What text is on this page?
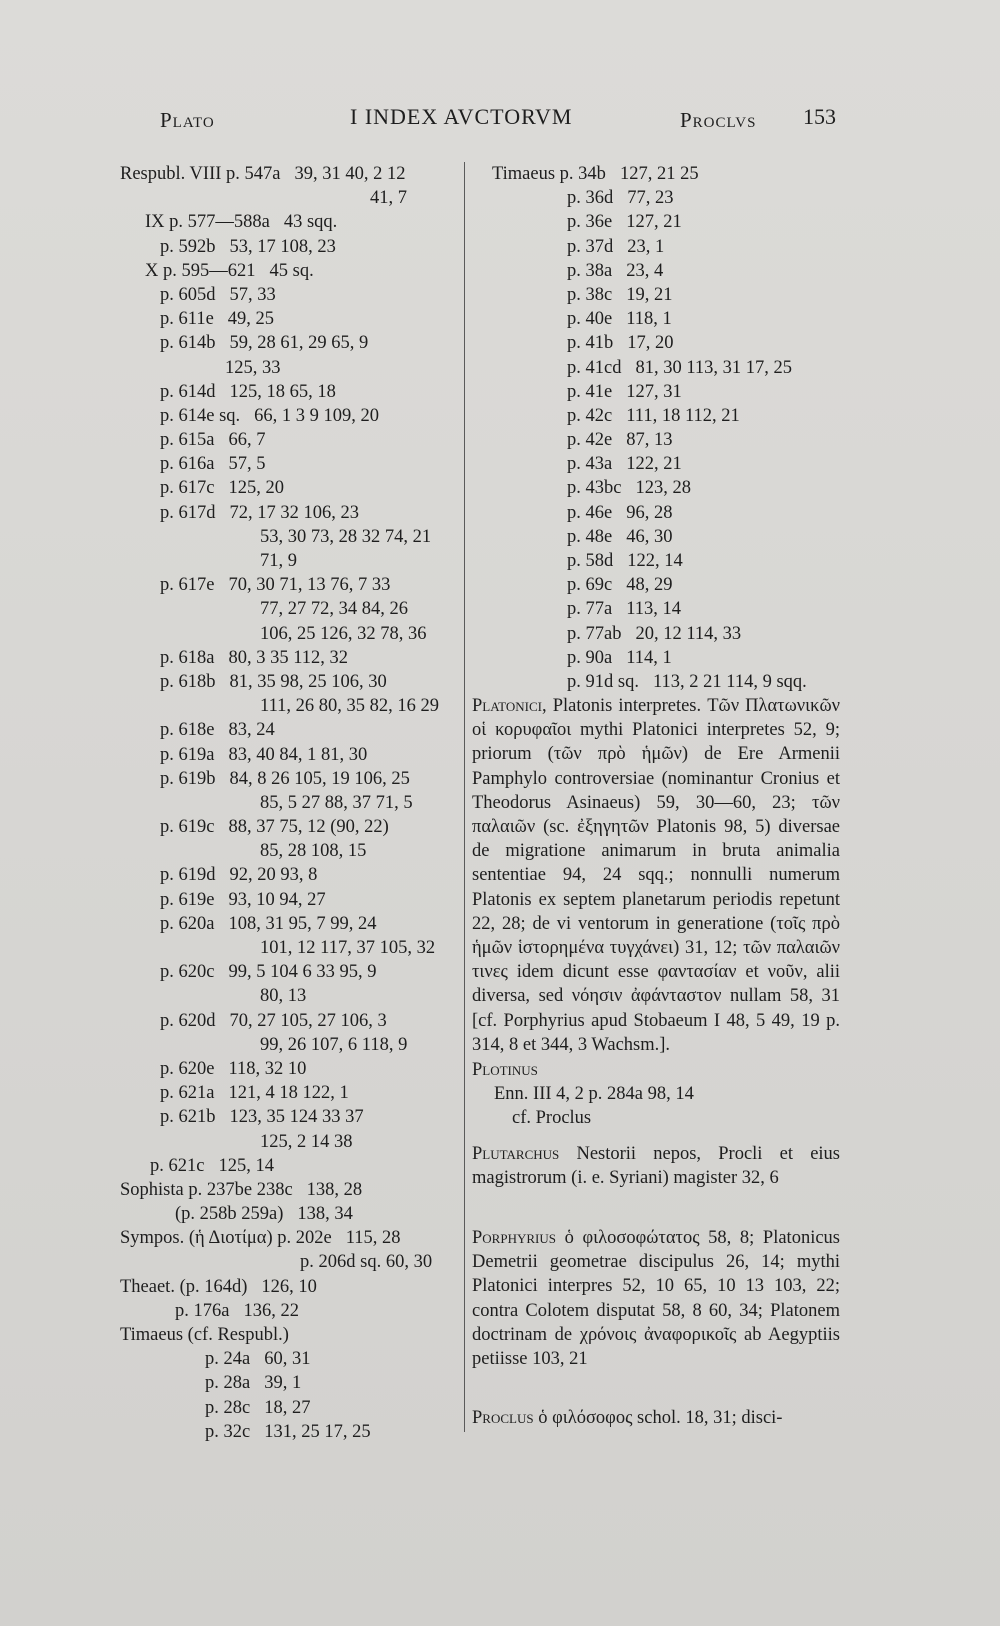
Plato	I INDEX AVCTORVM	Proclvs 153
Respubl. VIII p. 547a 39, 31 40, 2 12
41, 7
IX p. 577—588a 43 sqq.
p. 592b 53, 17 108, 23
X p. 595—621 45 sq.
p. 605d 57, 33
p. 611e 49, 25
p. 614b 59, 28 61, 29 65, 9
125, 33
p. 614d 125, 18 65, 18
p. 614e sq. 66, 1 3 9 109, 20
p. 615a 66, 7
p. 616a 57, 5
p. 617c 125, 20
p. 617d 72, 17 32 106, 23
53, 30 73, 28 32 74, 21
71, 9
p. 617e 70, 30 71, 13 76, 7 33
77, 27 72, 34 84, 26
106, 25 126, 32 78, 36
p. 618a 80, 3 35 112, 32
p. 618b 81, 35 98, 25 106, 30
111, 26 80, 35 82, 16 29
p. 618e 83, 24
p. 619a 83, 40 84, 1 81, 30
p. 619b 84, 8 26 105, 19 106, 25
85, 5 27 88, 37 71, 5
p. 619c 88, 37 75, 12 (90, 22)
85, 28 108, 15
p. 619d 92, 20 93, 8
p. 619e 93, 10 94, 27
p. 620a 108, 31 95, 7 99, 24
101, 12 117, 37 105, 32
p. 620c 99, 5 104 6 33 95, 9
80, 13
p. 620d 70, 27 105, 27 106, 3
99, 26 107, 6 118, 9
p. 620e 118, 32 10
p. 621a 121, 4 18 122, 1
p. 621b 123, 35 124 33 37
125, 2 14 38
p. 621c 125, 14
Sophista p. 237be 238c 138, 28
(p. 258b 259a) 138, 34
Sympos. (ἡ Διοτίμα) p. 202e 115, 28
p. 206d sq. 60, 30
Theaet. (p. 164d) 126, 10
p. 176a 136, 22
Timaeus (cf. Respubl.)
p. 24a 60, 31
p. 28a 39, 1
p. 28c 18, 27
p. 32c 131, 25 17, 25
Timaeus p. 34b 127, 21 25
p. 36d 77, 23
p. 36e 127, 21
p. 37d 23, 1
p. 38a 23, 4
p. 38c 19, 21
p. 40e 118, 1
p. 41b 17, 20
p. 41cd 81, 30 113, 31 17, 25
p. 41e 127, 31
p. 42c 111, 18 112, 21
p. 42e 87, 13
p. 43a 122, 21
p. 43bc 123, 28
p. 46e 96, 28
p. 48e 46, 30
p. 58d 122, 14
p. 69c 48, 29
p. 77a 113, 14
p. 77ab 20, 12 114, 33
p. 90a 114, 1
p. 91d sq. 113, 2 21 114, 9 sqq.
Platonici, Platonis interpretes. Τῶν Πλατωνικῶν οἱ κορυφαῖοι mythi Platonici interpretes 52, 9; priorum (τῶν πρὸ ἡμῶν) de Ere Armenii Pamphylo controversiae (nominantur Cronius et Theodorus Asinaeus) 59, 30—60, 23; τῶν παλαιῶν (sc. ἐξηγητῶν Platonis 98, 5) diversae de migratione animarum in bruta animalia sententiae 94, 24 sqq.; nonnulli numerum Platonis ex septem planetarum periodis repetunt 22, 28; de vi ventorum in generatione (τοῖς πρὸ ἡμῶν ἱστορημένα τυγχάνει) 31, 12; τῶν παλαιῶν τινες idem dicunt esse φαντασίαν et νοῦν, alii diversa, sed νόησιν ἀφάνταστον nullam 58, 31 [cf. Porphyrius apud Stobaeum I 48, 5 49, 19 p. 314, 8 et 344, 3 Wachsm.].
Plotinus
Enn. III 4, 2 p. 284a 98, 14
cf. Proclus
Plutarchus Nestorii nepos, Procli et eius magistrorum (i. e. Syriani) magister 32, 6
Porphyrius ὁ φιλοσοφώτατος 58, 8; Platonicus Demetrii geometrae discipulus 26, 14; mythi Platonici interpres 52, 10 65, 10 13 103, 22; contra Colotem disputat 58, 8 60, 34; Platonem doctrinam de χρόνοις ἀναφορικοῖς ab Aegyptiis petiisse 103, 21
Proclus ὁ φιλόσοφος schol. 18, 31; disci-
